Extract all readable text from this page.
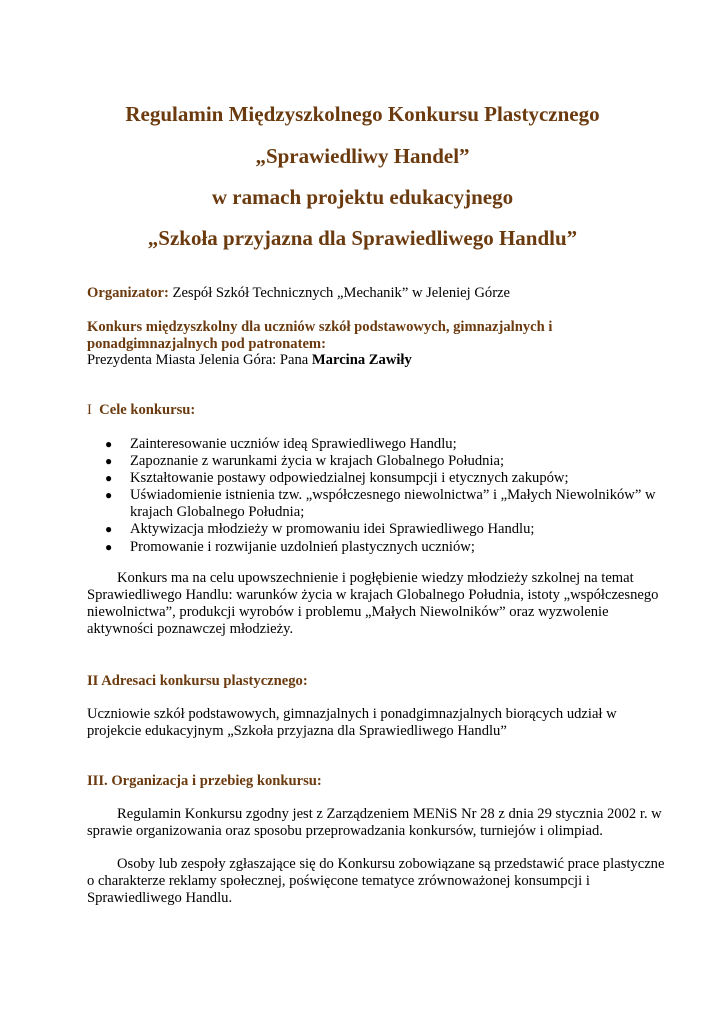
Regulamin Międzyszkolnego Konkursu Plastycznego
„Sprawiedliwy Handel”
w ramach projektu edukacyjnego
„Szkoła przyjazna dla Sprawiedliwego Handlu”
Organizator: Zespół Szkół Technicznych „Mechanik” w Jeleniej Górze
Konkurs międzyszkolny dla uczniów szkół podstawowych, gimnazjalnych i
ponadgimnazjalnych pod patronatem:
Prezydenta Miasta Jelenia Góra: Pana Marcina Zawiły
I Cele konkursu:
● Zainteresowanie uczniów ideą Sprawiedliwego Handlu;
● Zapoznanie z warunkami życia w krajach Globalnego Południa;
● Kształtowanie postawy odpowiedzialnej konsumpcji i etycznych zakupów;
● Uświadomienie istnienia tzw. „współczesnego niewolnictwa” i „Małych Niewolników” w krajach Globalnego Południa;
● Aktywizacja młodzieży w promowaniu idei Sprawiedliwego Handlu;
● Promowanie i rozwijanie uzdolnień plastycznych uczniów;
Konkurs ma na celu upowszechnienie i pogłębienie wiedzy młodzieży szkolnej na temat Sprawiedliwego Handlu: warunków życia w krajach Globalnego Południa, istoty „współczesnego niewolnictwa”, produkcji wyrobów i problemu „Małych Niewolników” oraz wyzwolenie aktywności poznawczej młodzieży.
II Adresaci konkursu plastycznego:
Uczniowie szkół podstawowych, gimnazjalnych i ponadgimnazjalnych biorących udział w projekcie edukacyjnym „Szkoła przyjazna dla Sprawiedliwego Handlu”
III. Organizacja i przebieg konkursu:
Regulamin Konkursu zgodny jest z Zarządzeniem MENiS Nr 28 z dnia 29 stycznia 2002 r. w sprawie organizowania oraz sposobu przeprowadzania konkursów, turniejów i olimpiad.
Osoby lub zespoły zgłaszające się do Konkursu zobowiązane są przedstawić prace plastyczne o charakterze reklamy społecznej, poświęcone tematyce zrównoważonej konsumpcji i Sprawiedliwego Handlu.
